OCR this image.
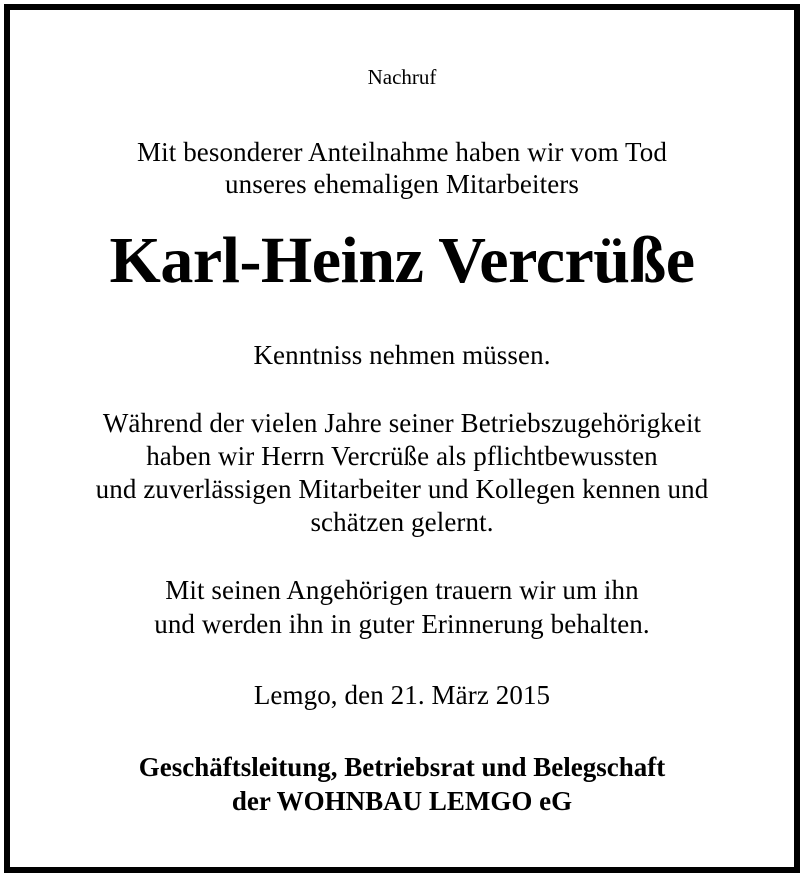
Nachruf
Mit besonderer Anteilnahme haben wir vom Tod
unseres ehemaligen Mitarbeiters
Karl-Heinz Vercrüße
Kenntniss nehmen müssen.
Während der vielen Jahre seiner Betriebszugehörigkeit
haben wir Herrn Vercrüße als pflichtbewussten
und zuverlässigen Mitarbeiter und Kollegen kennen und
schätzen gelernt.
Mit seinen Angehörigen trauern wir um ihn
und werden ihn in guter Erinnerung behalten.
Lemgo, den 21. März 2015
Geschäftsleitung, Betriebsrat und Belegschaft
der WOHNBAU LEMGO eG
